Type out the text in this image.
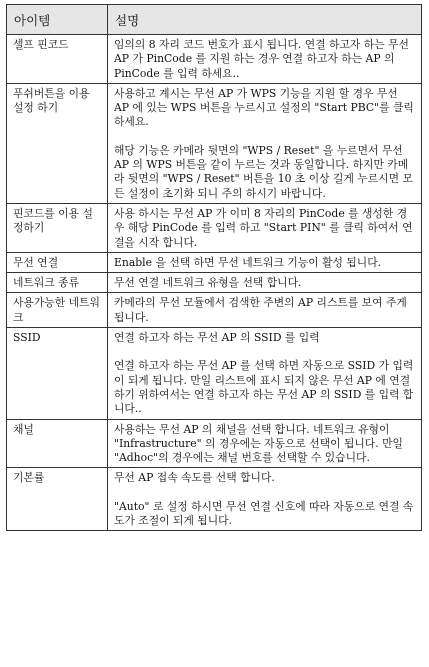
아이템	설명
셀프 핀코드	임의의 8 자리 코드 번호가 표시 됩니다. 연결 하고자 하는 무선 AP 가 PinCode 를 지원 하는 경우 연결 하고자 하는 AP 의 PinCode 를 입력 하세요..

푸쉬버튼을 이용 설정 하기	사용하고 계시는 무선 AP 가 WPS 기능을 지원 할 경우 무선 AP 에 있는 WPS 버튼을 누르시고 설정의 "Start PBC"를 클릭 하세요.
해당 기능은 카메라 뒷면의 "WPS / Reset" 을 누르면서 무선 AP 의 WPS 버튼을 같이 누르는 것과 동일합니다. 하지만 카메라 뒷면의 "WPS / Reset" 버튼을 10 초 이상 길게 누르시면 모든 설정이 초기화 되니 주의 하시기 바랍니다.

핀코드를 이용 설정하기	사용 하시는 무선 AP 가 이미 8 자리의 PinCode 를 생성한 경우 해당 PinCode 를 입력 하고 "Start PIN" 를 클릭 하여서 연결을 시작 합니다.

무선 연결	Enable 을 선택 하면 무선 네트워크 기능이 활성 됩니다.

네트워크 종류	무선 연결 네트워크 유형을 선택 합니다.

사용가능한 네트워크	카메라의 무선 모듈에서 검색한 주변의 AP 리스트를 보여 주게 됩니다.

SSID	연결 하고자 하는 무선 AP 의 SSID 를 입력
연결 하고자 하는 무선 AP 를 선택 하면 자동으로 SSID 가 입력이 되게 됩니다. 만일 리스트에 표시 되지 않은 무선 AP 에 연결 하기 위하여서는 연결 하고자 하는 무선 AP 의 SSID 를 입력 합니다..

채널	사용하는 무선 AP 의 채널을 선택 합니다. 네트워크 유형이 "Infrastructure" 의 경우에는 자동으로 선택이 됩니다. 만일 "Adhoc"의 경우에는 채널 번호를 선택할 수 있습니다.

기본률	무선 AP 접속 속도를 선택 합니다.
"Auto" 로 설정 하시면 무선 연결 신호에 따라 자동으로 연결 속도가 조절이 되게 됩니다.
